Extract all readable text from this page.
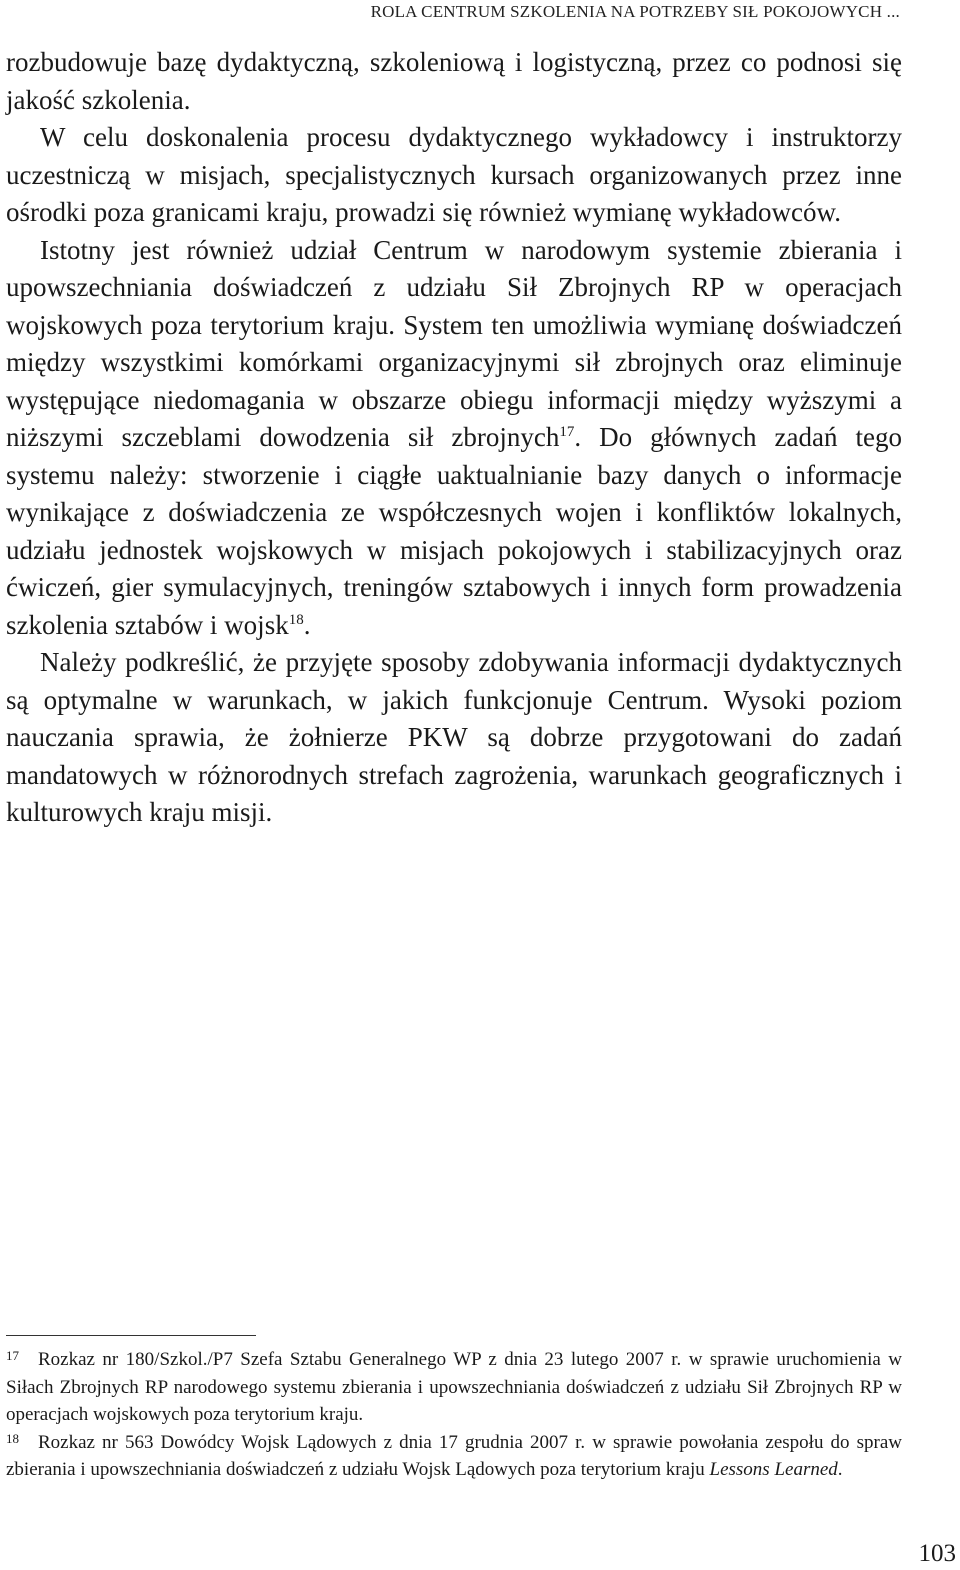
ROLA CENTRUM SZKOLENIA NA POTRZEBY SIŁ POKOJOWYCH ...

rozbudowuje bazę dydaktyczną, szkoleniową i logistyczną, przez co podnosi się jakość szkolenia.

W celu doskonalenia procesu dydaktycznego wykładowcy i instruktorzy uczestniczą w misjach, specjalistycznych kursach organizowanych przez inne ośrodki poza granicami kraju, prowadzi się również wymianę wykładowców.

Istotny jest również udział Centrum w narodowym systemie zbierania i upowszechniania doświadczeń z udziału Sił Zbrojnych RP w operacjach wojskowych poza terytorium kraju. System ten umożliwia wymianę doświadczeń między wszystkimi komórkami organizacyjnymi sił zbrojnych oraz eliminuje występujące niedomagania w obszarze obiegu informacji między wyższymi a niższymi szczeblami dowodzenia sił zbrojnych$^{17}$. Do głównych zadań tego systemu należy: stworzenie i ciągłe uaktualnianie bazy danych o informacje wynikające z doświadczenia ze współczesnych wojen i konfliktów lokalnych, udziału jednostek wojskowych w misjach pokojowych i stabilizacyjnych oraz ćwiczeń, gier symulacyjnych, treningów sztabowych i innych form prowadzenia szkolenia sztabów i wojsk$^{18}$.

Należy podkreślić, że przyjęte sposoby zdobywania informacji dydaktycznych są optymalne w warunkach, w jakich funkcjonuje Centrum. Wysoki poziom nauczania sprawia, że żołnierze PKW są dobrze przygotowani do zadań mandatowych w różnorodnych strefach zagrożenia, warunkach geograficznych i kulturowych kraju misji.

17 Rozkaz nr 180/Szkol./P7 Szefa Sztabu Generalnego WP z dnia 23 lutego 2007 r. w sprawie uruchomienia w Siłach Zbrojnych RP narodowego systemu zbierania i upowszechniania doświadczeń z udziału Sił Zbrojnych RP w operacjach wojskowych poza terytorium kraju.

18 Rozkaz nr 563 Dowódcy Wojsk Lądowych z dnia 17 grudnia 2007 r. w sprawie powołania zespołu do spraw zbierania i upowszechniania doświadczeń z udziału Wojsk Lądowych poza terytorium kraju Lessons Learned.

103
